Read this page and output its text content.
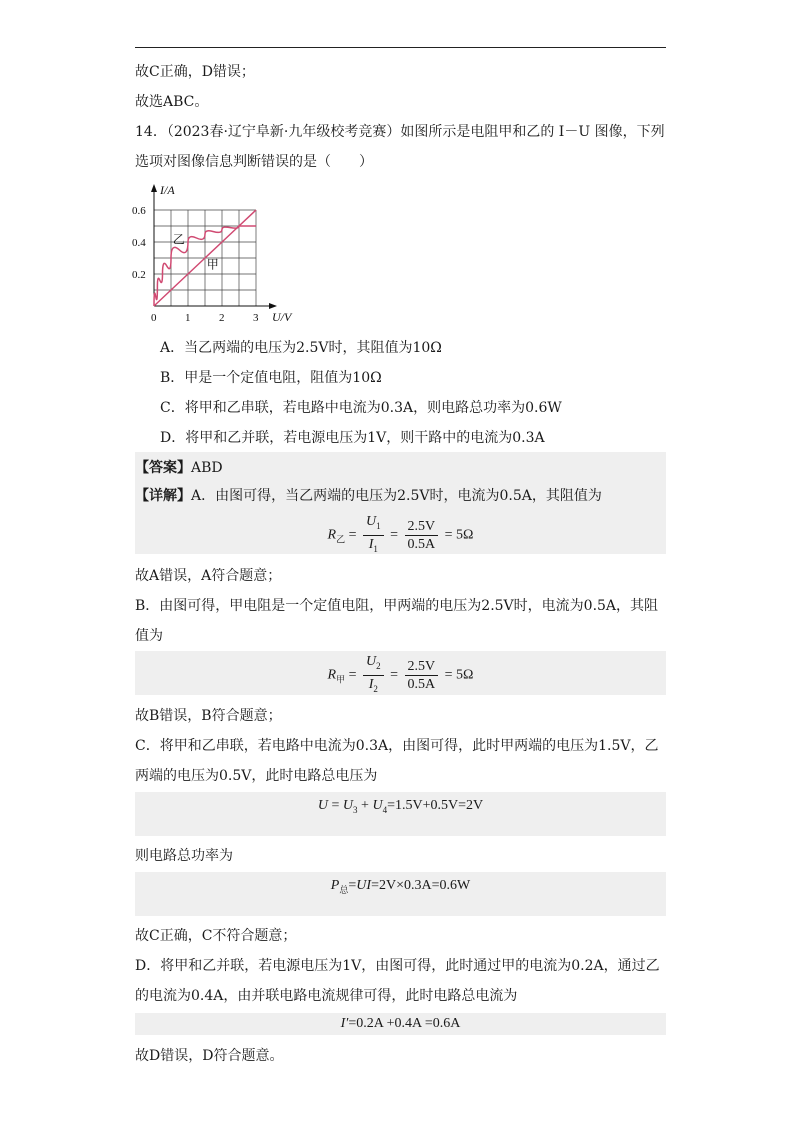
故C正确，D错误；
故选ABC。
14．（2023春·辽宁阜新·九年级校考竞赛）如图所示是电阻甲和乙的 I－U 图像，下列
选项对图像信息判断错误的是（　　）
I/A
U/V
0	1	2	3
0.2
0.4
0.6
乙
甲
A．当乙两端的电压为2.5V时，其阻值为10Ω
B．甲是一个定值电阻，阻值为10Ω
C．将甲和乙串联，若电路中电流为0.3A，则电路总功率为0.6W
D．将甲和乙并联，若电源电压为1V，则干路中的电流为0.3A
【答案】ABD
【详解】A．由图可得，当乙两端的电压为2.5V时，电流为0.5A，其阻值为
$R_乙 = \frac{U_1}{I_1} = \frac{2.5V}{0.5A} = 5\Omega$
故A错误，A符合题意；
B．由图可得，甲电阻是一个定值电阻，甲两端的电压为2.5V时，电流为0.5A，其阻
值为
$R_甲 = \frac{U_2}{I_2} = \frac{2.5V}{0.5A} = 5\Omega$
故B错误，B符合题意；
C．将甲和乙串联，若电路中电流为0.3A，由图可得，此时甲两端的电压为1.5V，乙
两端的电压为0.5V，此时电路总电压为
$U = U_3 + U_4=1.5V+0.5V=2V$
则电路总功率为
$P_总=UI=2V\times 0.3A=0.6W$
故C正确，C不符合题意；
D．将甲和乙并联，若电源电压为1V，由图可得，此时通过甲的电流为0.2A，通过乙
的电流为0.4A，由并联电路电流规律可得，此时电路总电流为
I′=0.2A +0.4A =0.6A
故D错误，D符合题意。
